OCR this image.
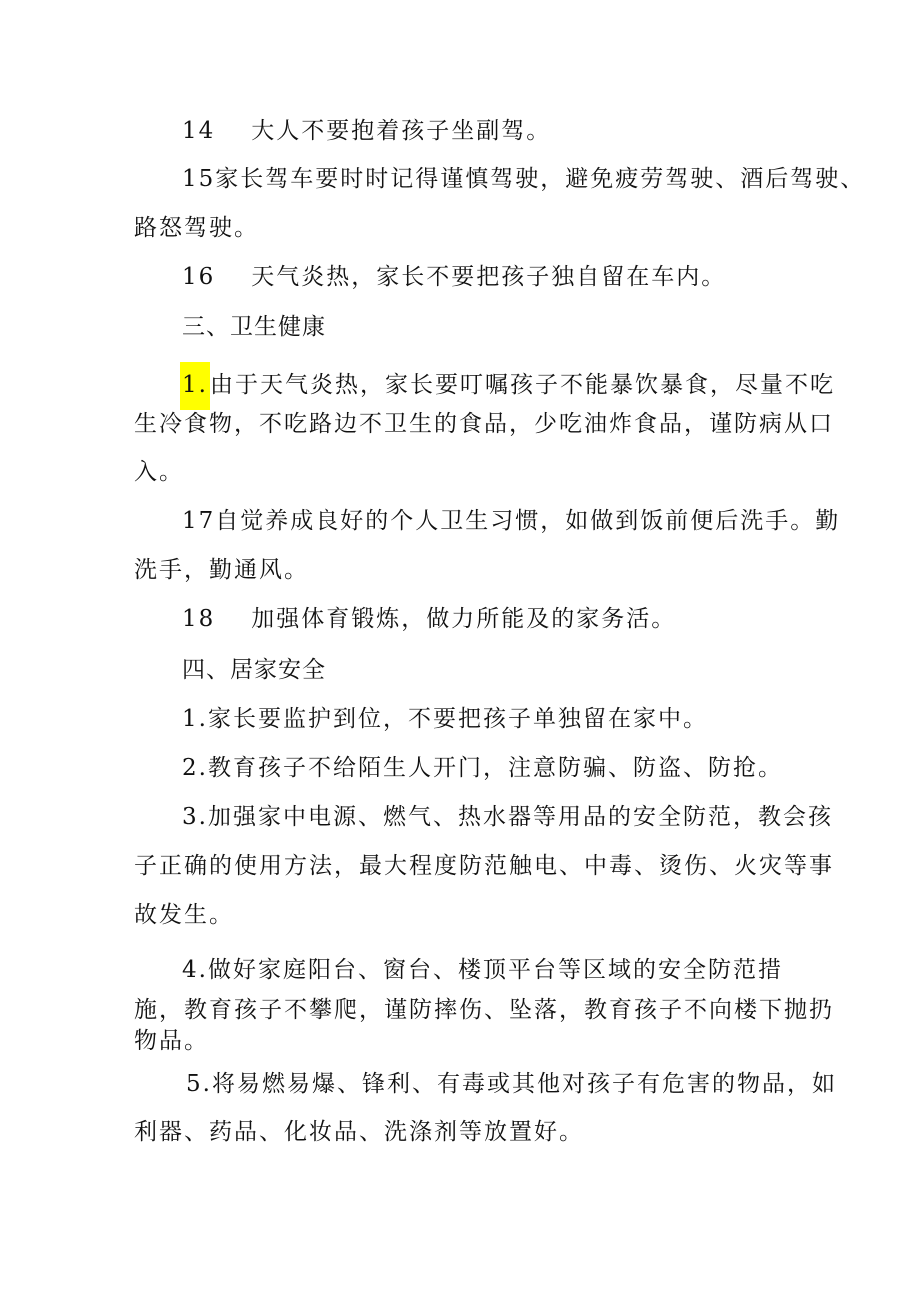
14 大人不要抱着孩子坐副驾。
15家长驾车要时时记得谨慎驾驶，避免疲劳驾驶、酒后驾驶、
路怒驾驶。
16 天气炎热，家长不要把孩子独自留在车内。
三、卫生健康
1.由于天气炎热，家长要叮嘱孩子不能暴饮暴食，尽量不吃
生冷食物，不吃路边不卫生的食品，少吃油炸食品，谨防病从口
入。
17自觉养成良好的个人卫生习惯，如做到饭前便后洗手。勤
洗手，勤通风。
18 加强体育锻炼，做力所能及的家务活。
四、居家安全
1.家长要监护到位，不要把孩子单独留在家中。
2.教育孩子不给陌生人开门，注意防骗、防盗、防抢。
3.加强家中电源、燃气、热水器等用品的安全防范，教会孩
子正确的使用方法，最大程度防范触电、中毒、烫伤、火灾等事
故发生。
4.做好家庭阳台、窗台、楼顶平台等区域的安全防范措
施，教育孩子不攀爬，谨防摔伤、坠落，教育孩子不向楼下抛扔
物品。
5.将易燃易爆、锋利、有毒或其他对孩子有危害的物品，如
利器、药品、化妆品、洗涤剂等放置好。
